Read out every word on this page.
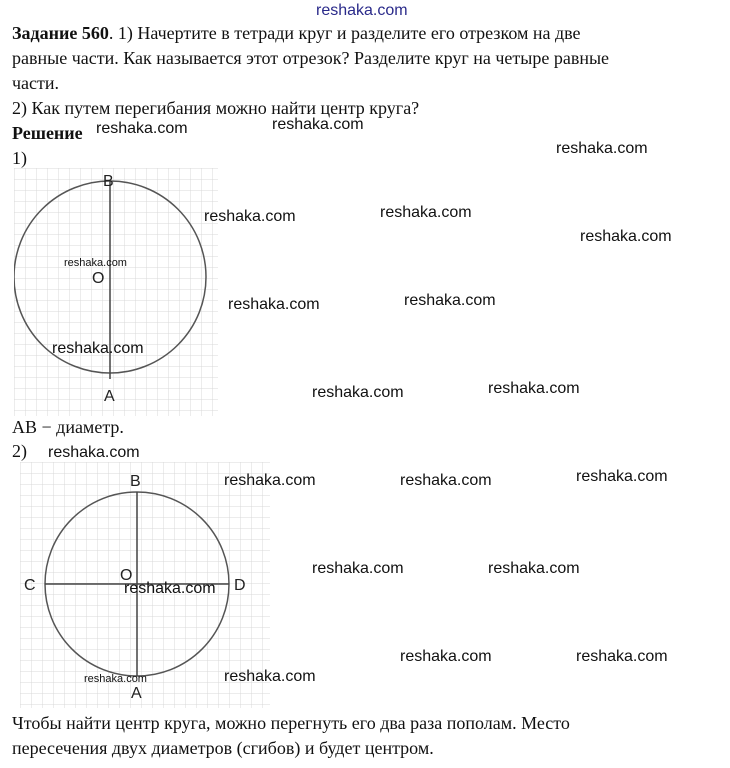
reshaka.com
Задание 560. 1) Начертите в тетради круг и разделите его отрезком на две
равные части. Как называется этот отрезок? Разделите круг на четыре равные
части.
2) Как путем перегибания можно найти центр круга?
Решение
1)
B
O
A
AB − диаметр.
2)
B
O
A
C	D
Чтобы найти центр круга, можно перегнуть его два раза пополам. Место
пересечения двух диаметров (сгибов) и будет центром.
reshaka.com	reshaka.com
reshaka.com
reshaka.com	reshaka.com
reshaka.com
reshaka.com
reshaka.com	reshaka.com
reshaka.com
reshaka.com	reshaka.com
reshaka.com
reshaka.com	reshaka.com	reshaka.com
reshaka.com	reshaka.com
reshaka.com
reshaka.com	reshaka.com
reshaka.com
reshaka.com
